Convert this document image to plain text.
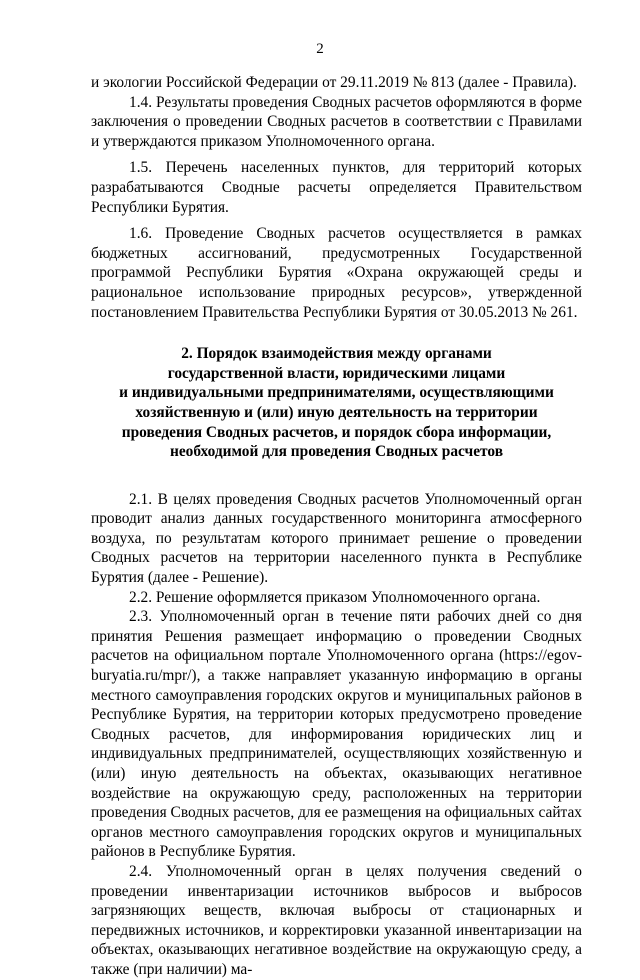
2

и экологии Российской Федерации от 29.11.2019 № 813 (далее - Правила).

1.4. Результаты проведения Сводных расчетов оформляются в форме заключения о проведении Сводных расчетов в соответствии с Правилами и утверждаются приказом Уполномоченного органа.

1.5. Перечень населенных пунктов, для территорий которых разрабатываются Сводные расчеты определяется Правительством Республики Бурятия.

1.6. Проведение Сводных расчетов осуществляется в рамках бюджетных ассигнований, предусмотренных Государственной программой Республики Бурятия «Охрана окружающей среды и рациональное использование природных ресурсов», утвержденной постановлением Правительства Республики Бурятия от 30.05.2013 № 261.

2. Порядок взаимодействия между органами
государственной власти, юридическими лицами
и индивидуальными предпринимателями, осуществляющими
хозяйственную и (или) иную деятельность на территории
проведения Сводных расчетов, и порядок сбора информации,
необходимой для проведения Сводных расчетов

2.1. В целях проведения Сводных расчетов Уполномоченный орган проводит анализ данных государственного мониторинга атмосферного воздуха, по результатам которого принимает решение о проведении Сводных расчетов на территории населенного пункта в Республике Бурятия (далее - Решение).

2.2. Решение оформляется приказом Уполномоченного органа.

2.3. Уполномоченный орган в течение пяти рабочих дней со дня принятия Решения размещает информацию о проведении Сводных расчетов на официальном портале Уполномоченного органа (https://egov-buryatia.ru/mpr/), а также направляет указанную информацию в органы местного самоуправления городских округов и муниципальных районов в Республике Бурятия, на территории которых предусмотрено проведение Сводных расчетов, для информирования юридических лиц и индивидуальных предпринимателей, осуществляющих хозяйственную и (или) иную деятельность на объектах, оказывающих негативное воздействие на окружающую среду, расположенных на территории проведения Сводных расчетов, для ее размещения на официальных сайтах органов местного самоуправления городских округов и муниципальных районов в Республике Бурятия.

2.4. Уполномоченный орган в целях получения сведений о проведении инвентаризации источников выбросов и выбросов загрязняющих веществ, включая выбросы от стационарных и передвижных источников, и корректировки указанной инвентаризации на объектах, оказывающих негативное воздействие на окружающую среду, а также (при наличии) ма-
